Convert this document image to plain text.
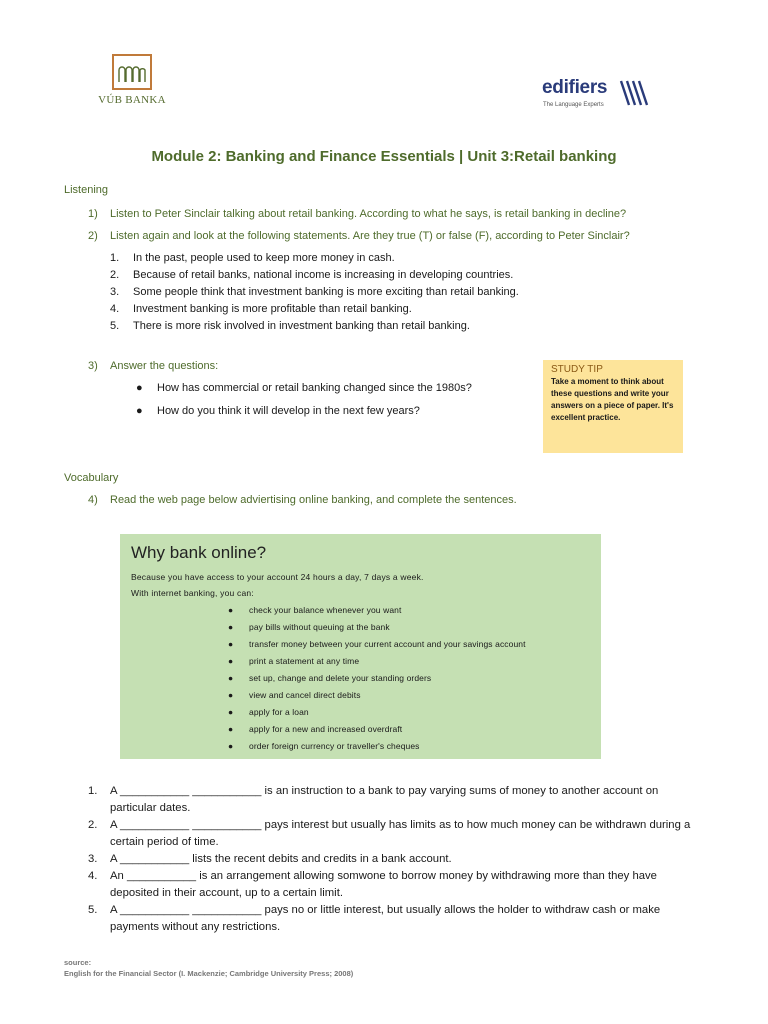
VÚB BANKA
edifiers
The Language Experts
Module 2: Banking and Finance Essentials | Unit 3:Retail banking
Listening
1) Listen to Peter Sinclair talking about retail banking. According to what he says, is retail banking in decline?
2) Listen again and look at the following statements. Are they true (T) or false (F), according to Peter Sinclair?
1. In the past, people used to keep more money in cash.
2. Because of retail banks, national income is increasing in developing countries.
3. Some people think that investment banking is more exciting than retail banking.
4. Investment banking is more profitable than retail banking.
5. There is more risk involved in investment banking than retail banking.
3) Answer the questions:
● How has commercial or retail banking changed since the 1980s?
● How do you think it will develop in the next few years?
STUDY TIP
Take a moment to think about these questions and write your answers on a piece of paper. It's excellent practice.
Vocabulary
4) Read the web page below adviertising online banking, and complete the sentences.
Why bank online?
Because you have access to your account 24 hours a day, 7 days a week.
With internet banking, you can:
● check your balance whenever you want
● pay bills without queuing at the bank
● transfer money between your current account and your savings account
● print a statement at any time
● set up, change and delete your standing orders
● view and cancel direct debits
● apply for a loan
● apply for a new and increased overdraft
● order foreign currency or traveller's cheques
1. A ___________ ___________ is an instruction to a bank to pay varying sums of money to another account on particular dates.
2. A ___________ ___________ pays interest but usually has limits as to how much money can be withdrawn during a certain period of time.
3. A ___________ lists the recent debits and credits in a bank account.
4. An ___________ is an arrangement allowing somwone to borrow money by withdrawing more than they have deposited in their account, up to a certain limit.
5. A ___________ ___________ pays no or little interest, but usually allows the holder to withdraw cash or make payments without any restrictions.
source:
English for the Financial Sector (I. Mackenzie; Cambridge University Press; 2008)
